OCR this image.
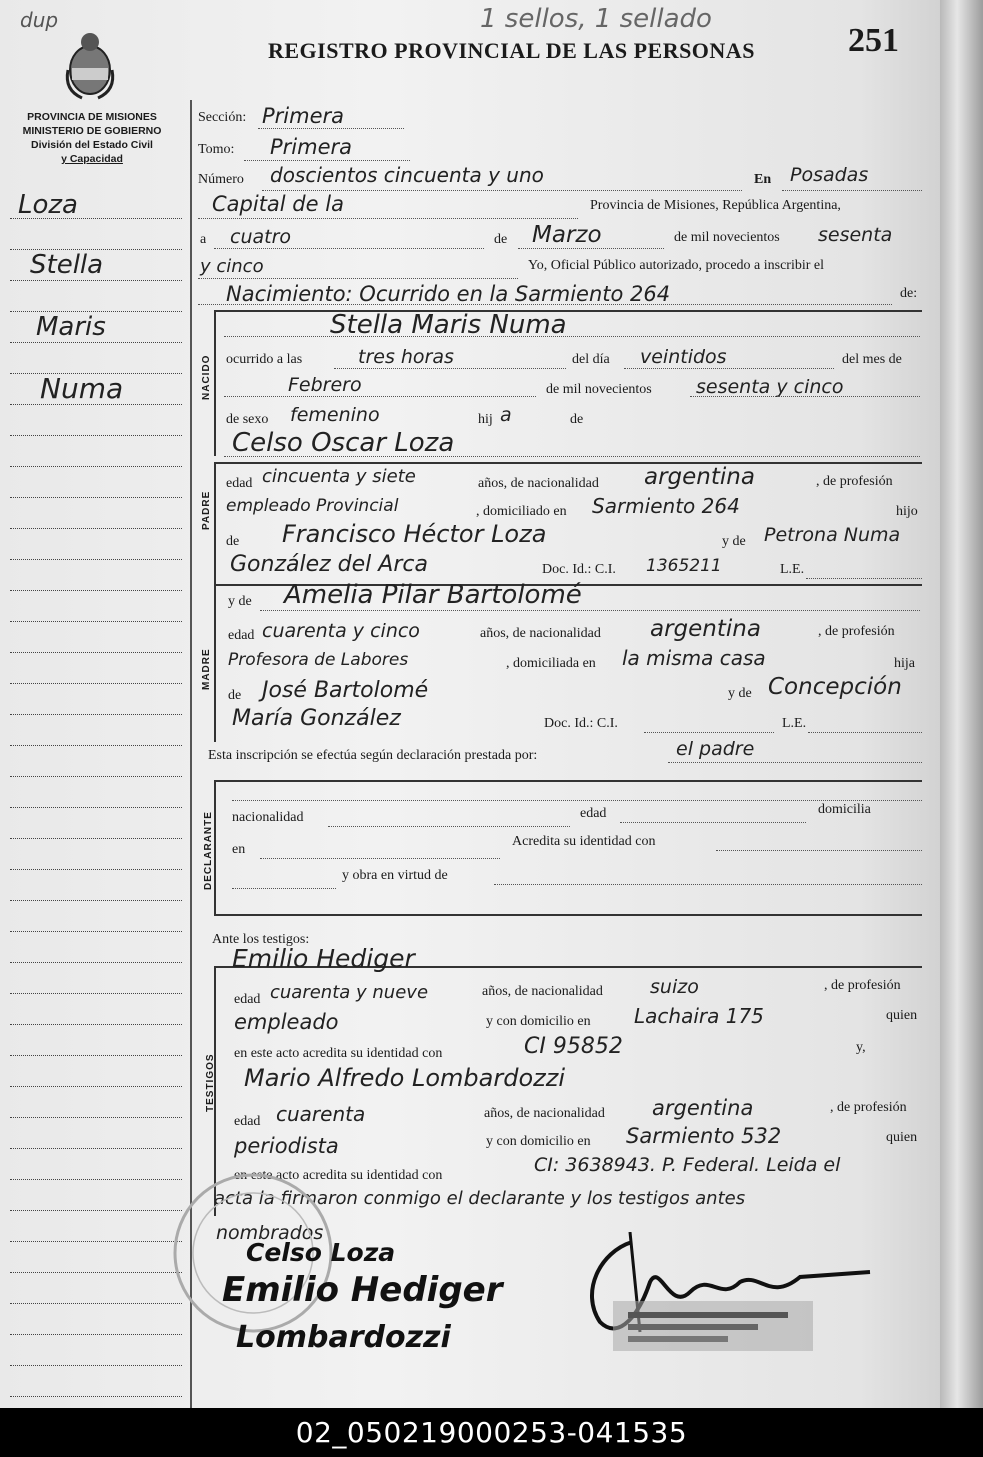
dup	1 sellos, 1 sellado
REGISTRO PROVINCIAL DE LAS PERSONAS	251
PROVINCIA DE MISIONES
MINISTERIO DE GOBIERNO
División del Estado Civil
y Capacidad
Loza
Stella
Maris
Numa
Sección: Primera
Tomo: Primera
Número doscientos cincuenta y uno	En Posadas
Capital de la	Provincia de Misiones, República Argentina,
a cuatro	de Marzo	de mil novecientos sesenta
y cinco	Yo, Oficial Público autorizado, procedo a inscribir el
Nacimiento: Ocurrido en la Sarmiento 264	de:
NACIDO
Stella Maris Numa
ocurrido a las	tres horas	del día veintidos	del mes de
Febrero	de mil novecientos sesenta y cinco
de sexo femenino	hij a	de
Celso Oscar Loza
PADRE
edad cincuenta y siete	años, de nacionalidad argentina	, de profesión
empleado Provincial	, domiciliado en Sarmiento 264	hijo
de Francisco Héctor Loza	y de Petrona Numa
González del Arca	Doc. Id.: C.I. 1365211	L.E.
y de Amelia Pilar Bartolomé
MADRE
edad cuarenta y cinco	años, de nacionalidad argentina	, de profesión
Profesora de Labores	, domiciliada en la misma casa	hija
de José Bartolomé	y de Concepción
María González	Doc. Id.: C.I.	L.E.
Esta inscripción se efectúa según declaración prestada por:	el padre
DECLARANTE nacionalidad	edad	domicilia
en
Acredita su identidad con
y obra en virtud de
Ante los testigos:
TESTIGOS
Emilio Hediger
edad cuarenta y nueve	años, de nacionalidad suizo	, de profesión
empleado	y con domicilio en Lachaira 175	quien
en este acto acredita su identidad con	CI 95852	y,
Mario Alfredo Lombardozzi
edad cuarenta	años, de nacionalidad argentina	, de profesión
periodista	y con domicilio en Sarmiento 532	quien
en este acto acredita su identidad con	CI: 3638943. P. Federal. Leida el
acta la firmaron conmigo el declarante y los testigos antes
nombrados
Celso Loza
Emilio Hediger
Lombardozzi
02_050219000253-041535
